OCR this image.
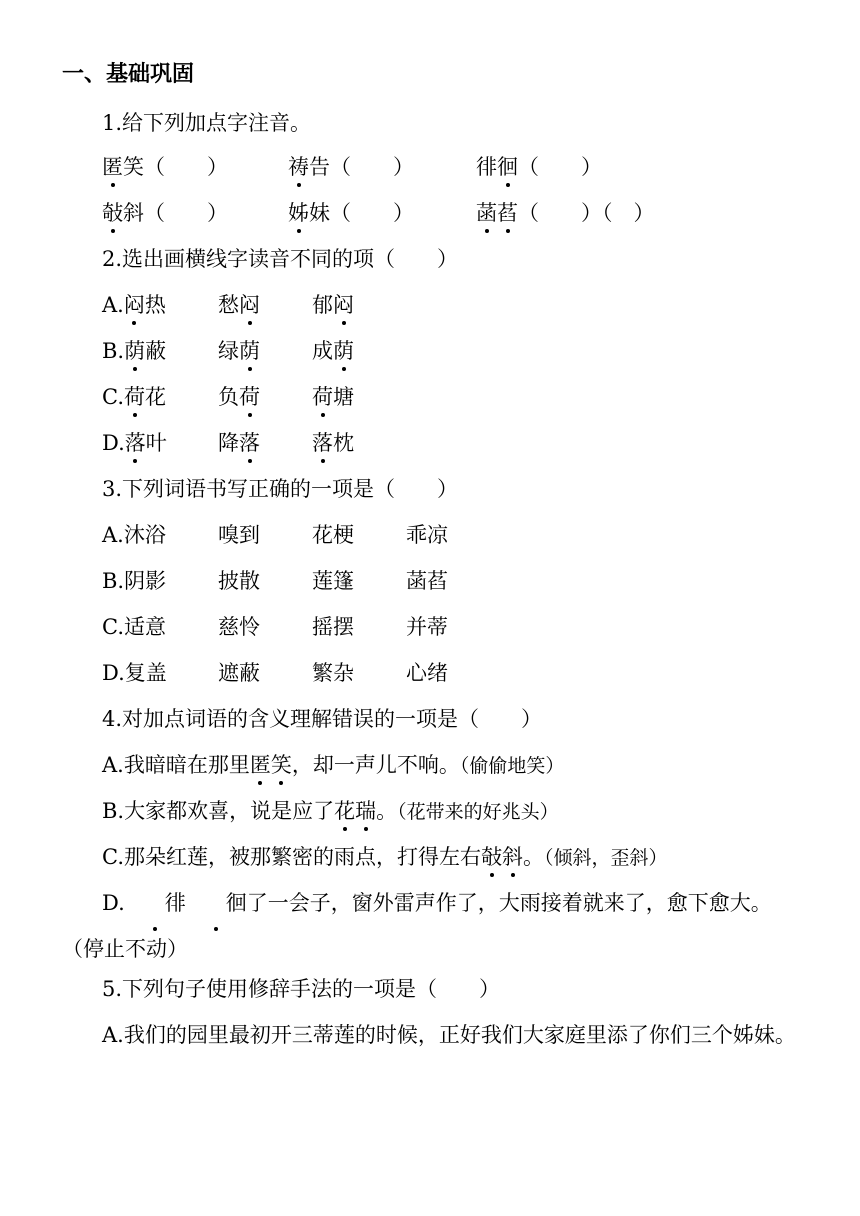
一、基础巩固
1.给下列加点字注音。
匿笑（　　）	祷告（　　）	徘徊（　　）
敧斜（　　）	姊妹（　　）	菡萏（　　）（　）
2.选出画横线字读音不同的项（　　）
A.闷热 愁闷 郁闷
B.荫蔽 绿荫 成荫
C.荷花 负荷 荷塘
D.落叶 降落 落枕
3.下列词语书写正确的一项是（　　）
A.沐浴 嗅到 花梗 乖凉
B.阴影 披散 莲篷 菡萏
C.适意 慈怜 摇摆 并蒂
D.复盖 遮蔽 繁杂 心绪
4.对加点词语的含义理解错误的一项是（　　）
A.我暗暗在那里匿笑，却一声儿不响。（偷偷地笑）
B.大家都欢喜，说是应了花瑞。（花带来的好兆头）
C.那朵红莲，被那繁密的雨点，打得左右敧斜。（倾斜，歪斜）
D. 徘 徊了一会子，窗外雷声作了，大雨接着就来了，愈下愈大。（停止不动）
5.下列句子使用修辞手法的一项是（　　）
A.我们的园里最初开三蒂莲的时候，正好我们大家庭里添了你们三个姊妹。
